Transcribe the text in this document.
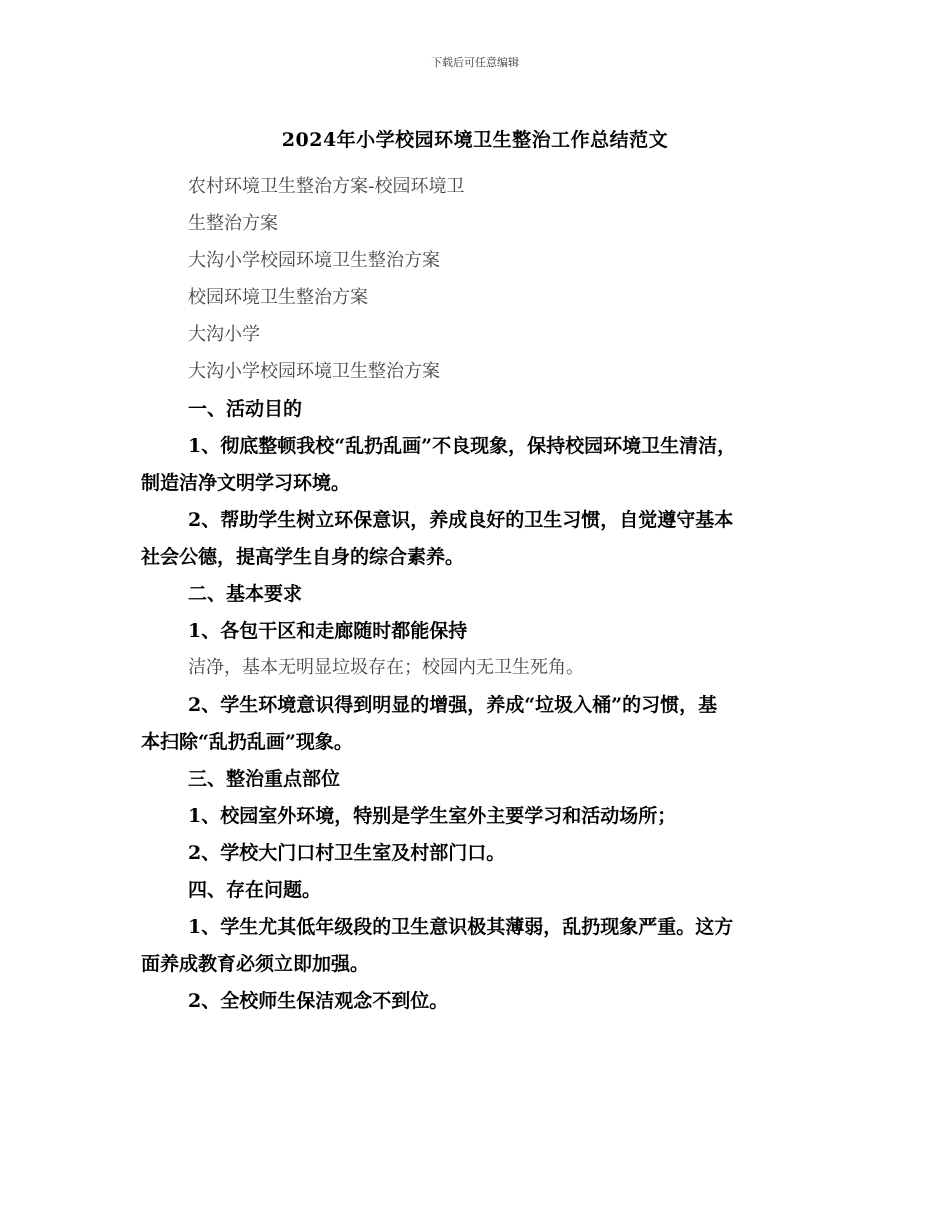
下载后可任意编辑
2024年小学校园环境卫生整治工作总结范文
农村环境卫生整治方案-校园环境卫
生整治方案
大沟小学校园环境卫生整治方案
校园环境卫生整治方案
大沟小学
大沟小学校园环境卫生整治方案
一、活动目的
1、彻底整顿我校“乱扔乱画”不良现象，保持校园环境卫生清洁，
制造洁净文明学习环境。
2、帮助学生树立环保意识，养成良好的卫生习惯，自觉遵守基本
社会公德，提高学生自身的综合素养。
二、基本要求
1、各包干区和走廊随时都能保持
洁净，基本无明显垃圾存在；校园内无卫生死角。
2、学生环境意识得到明显的增强，养成“垃圾入桶”的习惯，基
本扫除“乱扔乱画”现象。
三、整治重点部位
1、校园室外环境，特别是学生室外主要学习和活动场所；
2、学校大门口村卫生室及村部门口。
四、存在问题。
1、学生尤其低年级段的卫生意识极其薄弱，乱扔现象严重。这方
面养成教育必须立即加强。
2、全校师生保洁观念不到位。
